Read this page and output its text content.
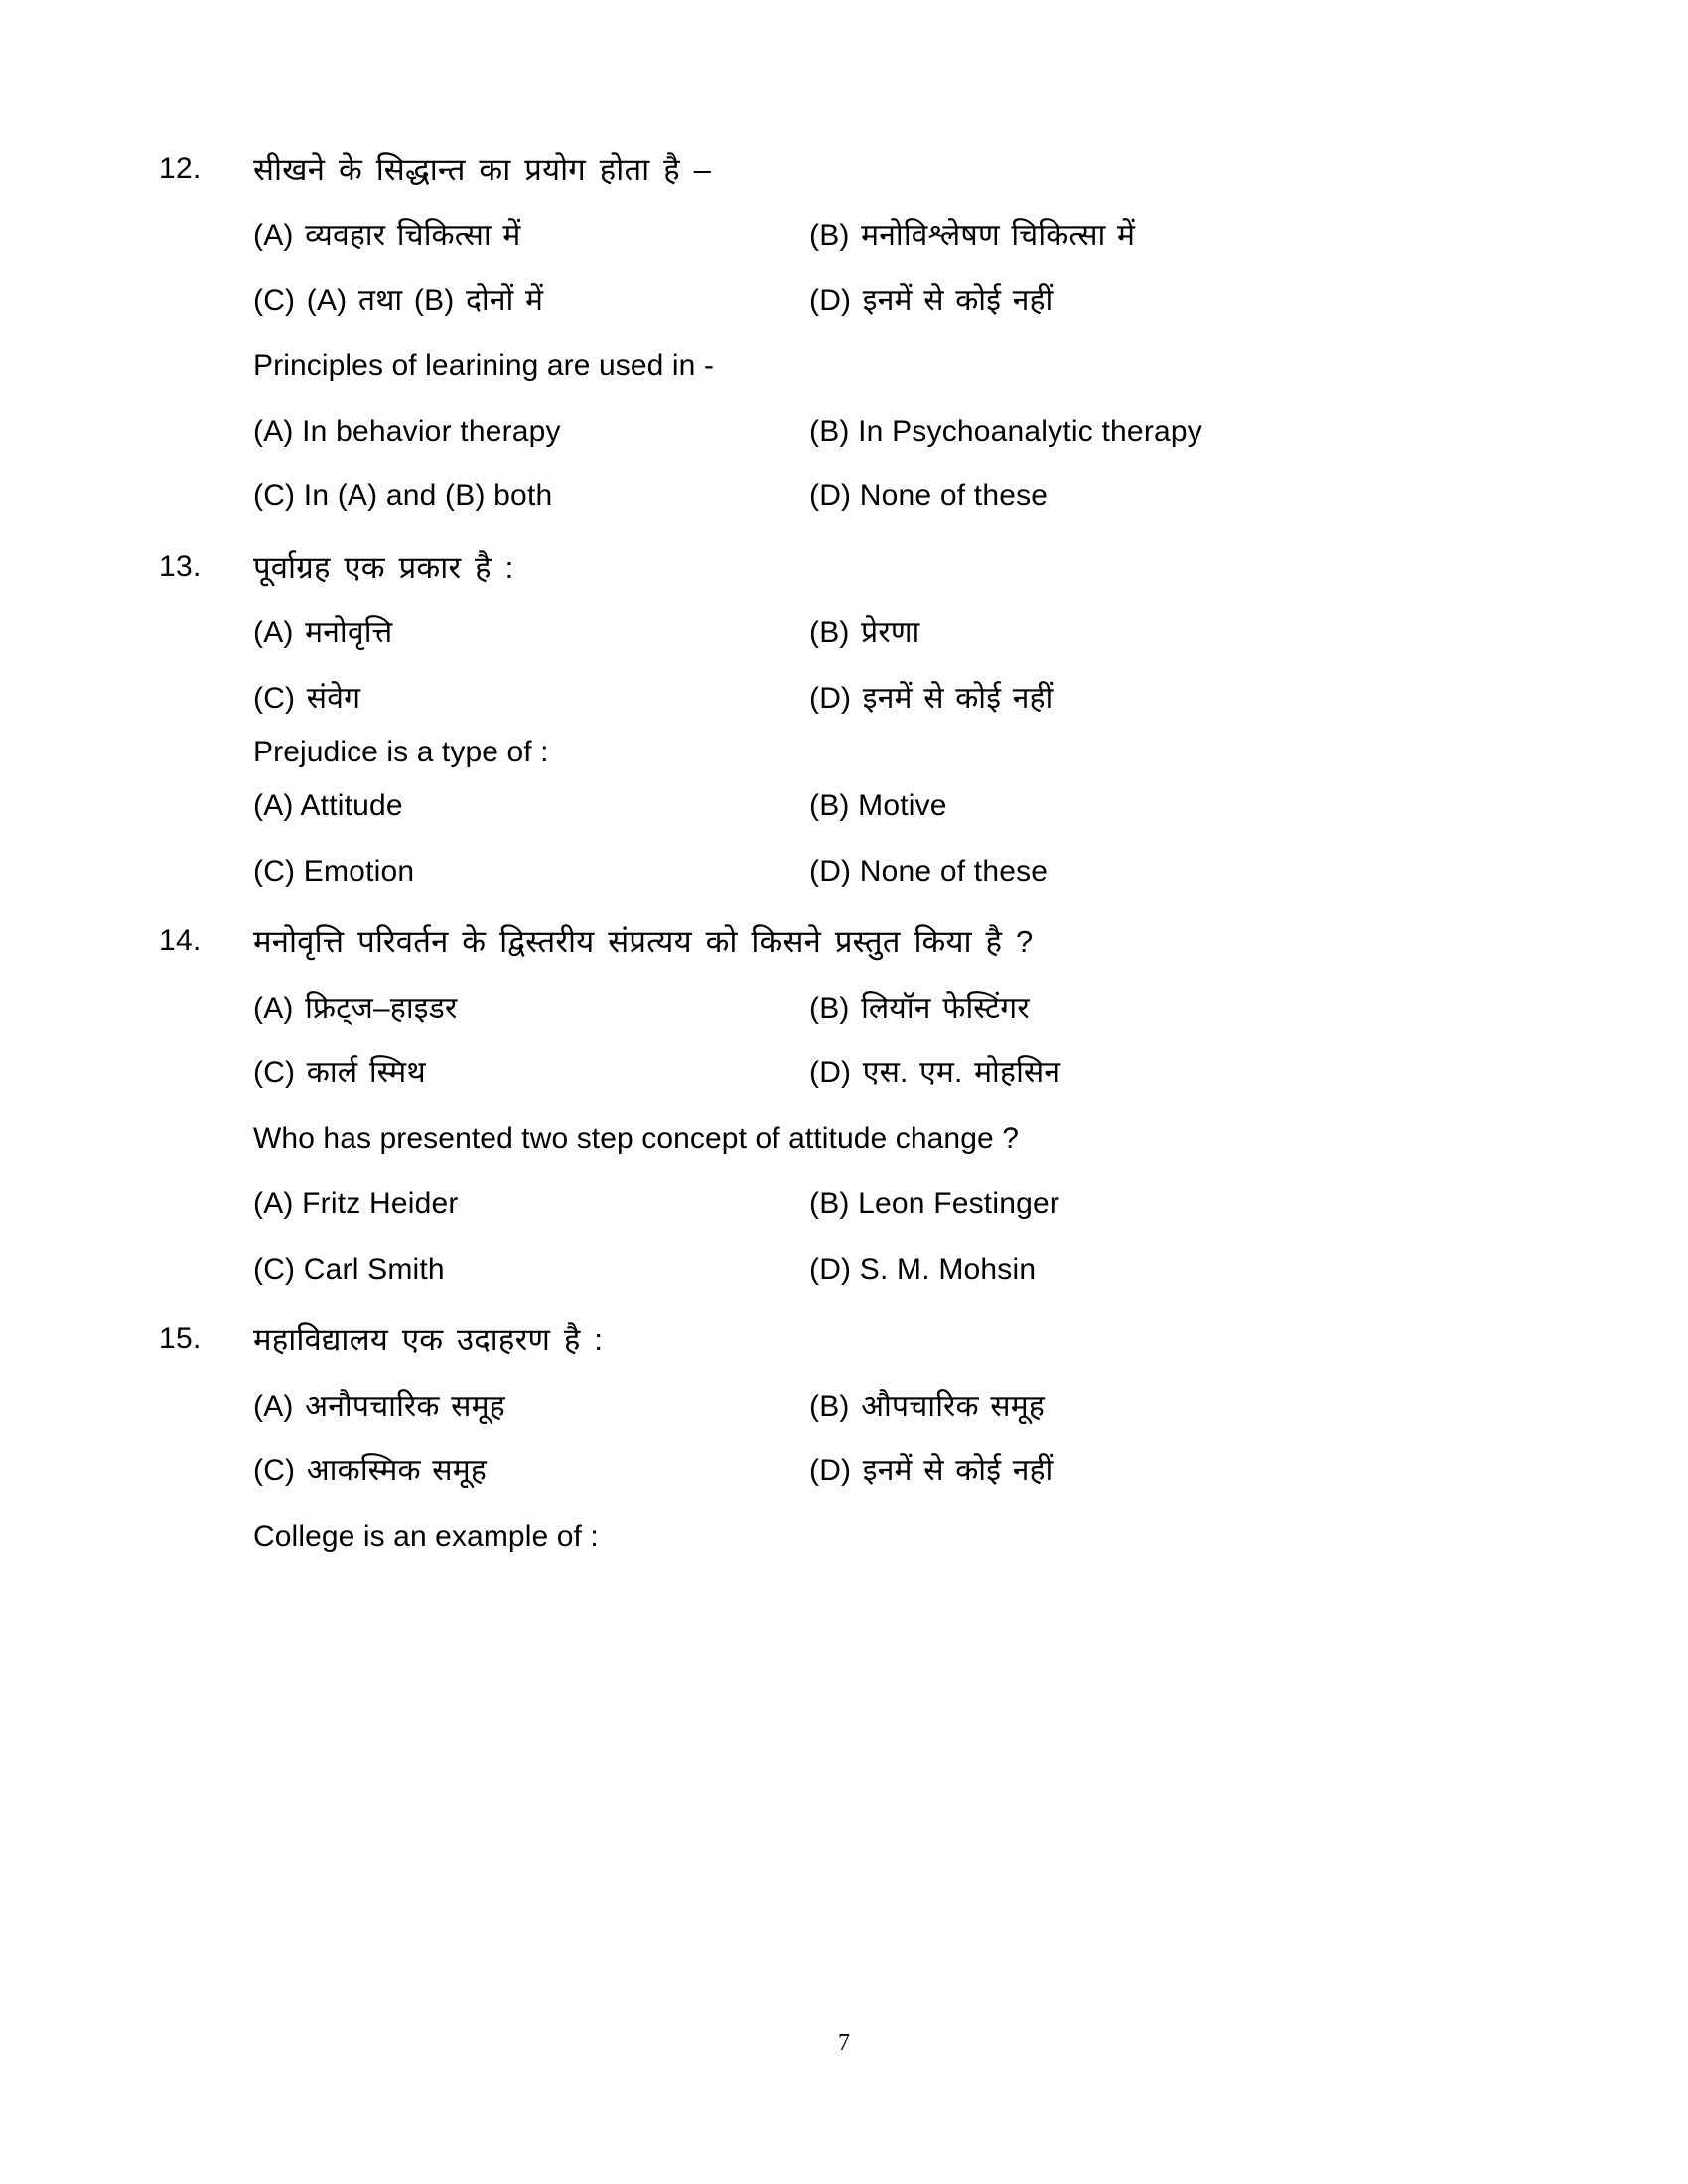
12.	सीखने के सिद्धान्त का प्रयोग होता है –
(A) व्यवहार चिकित्सा में	(B) मनोविश्लेषण चिकित्सा में
(C) (A) तथा (B) दोनों में	(D) इनमें से कोई नहीं
Principles of learining are used in -
(A) In behavior therapy	(B) In Psychoanalytic therapy
(C) In (A) and (B) both	(D) None of these
13.	पूर्वाग्रह एक प्रकार है :
(A) मनोवृत्ति	(B) प्रेरणा
(C) संवेग	(D) इनमें से कोई नहीं
Prejudice is a type of :
(A) Attitude	(B) Motive
(C) Emotion	(D) None of these
14.	मनोवृत्ति परिवर्तन के द्विस्तरीय संप्रत्यय को किसने प्रस्तुत किया है ?
(A) फ्रिट्ज–हाइडर	(B) लियॉन फेस्टिंगर
(C) कार्ल स्मिथ	(D) एस. एम. मोहसिन
Who has presented two step concept of attitude change ?
(A) Fritz Heider	(B) Leon Festinger
(C) Carl Smith	(D) S. M. Mohsin
15.	महाविद्यालय एक उदाहरण है :
(A) अनौपचारिक समूह	(B) औपचारिक समूह
(C) आकस्मिक समूह	(D) इनमें से कोई नहीं
College is an example of :
7
